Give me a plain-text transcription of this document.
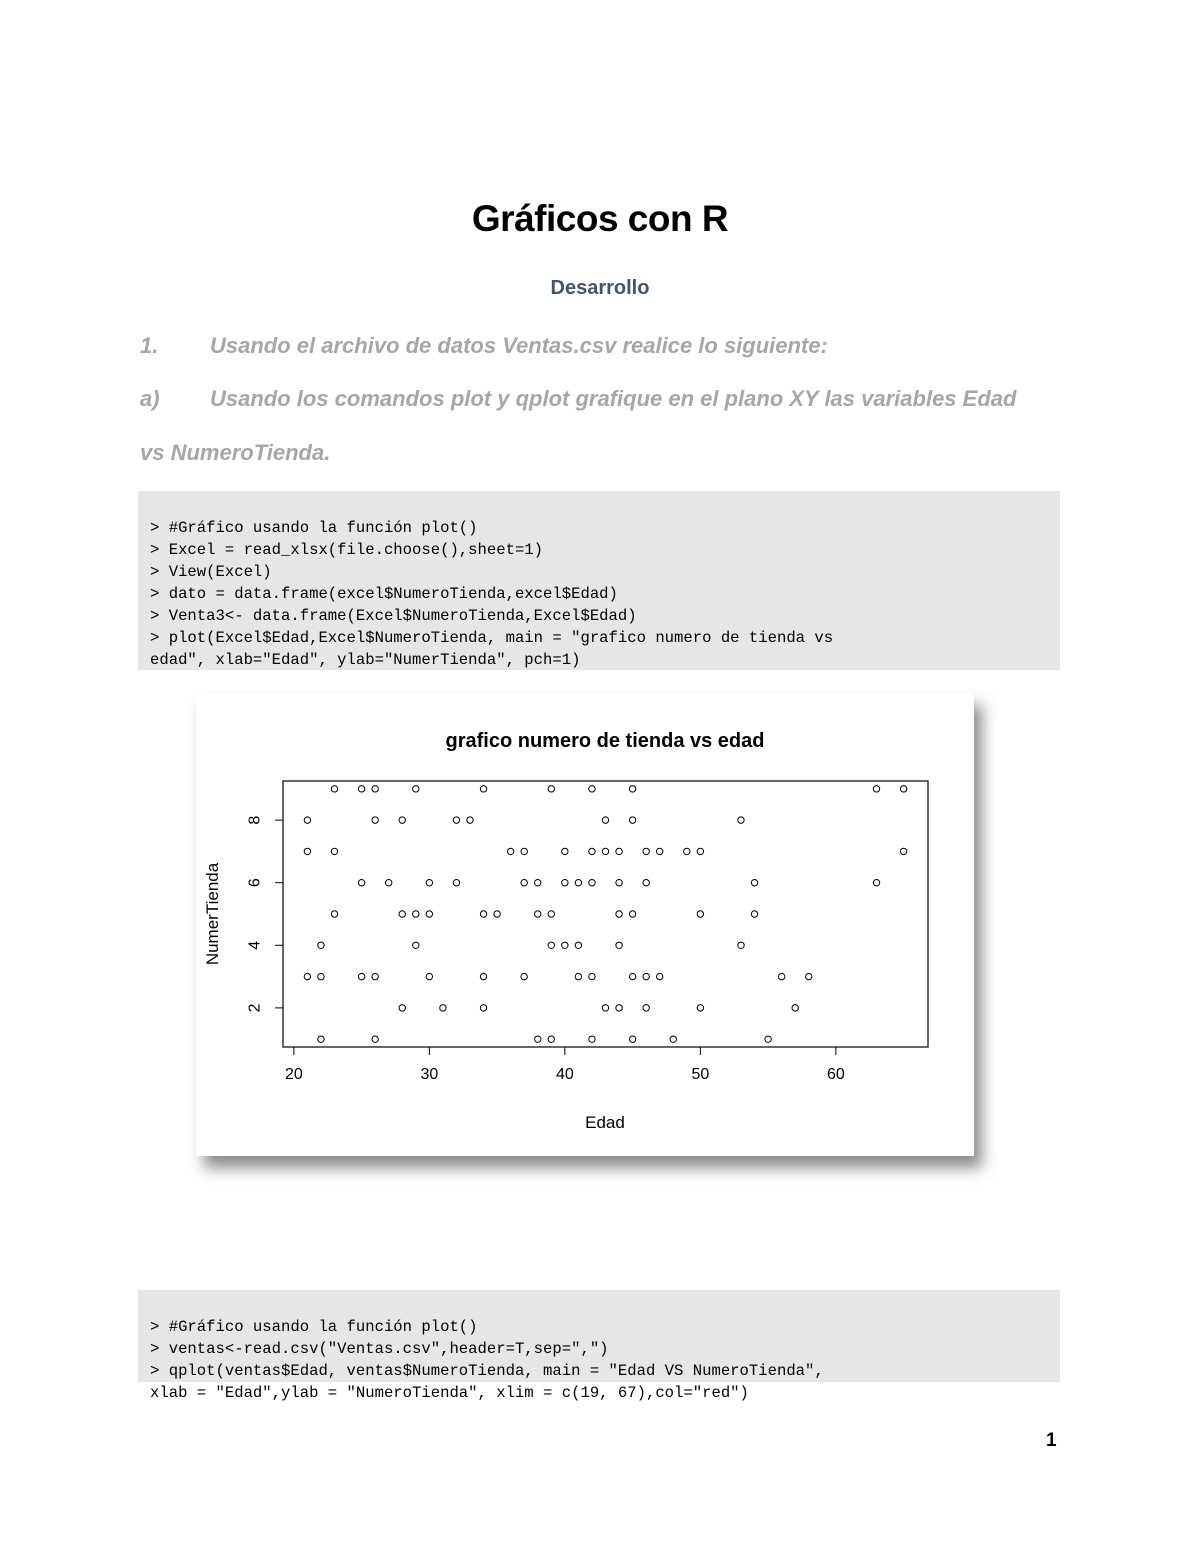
Gráficos con R
Desarrollo
1. Usando el archivo de datos Ventas.csv realice lo siguiente:
a) Usando los comandos plot y qplot grafique en el plano XY las variables Edad
vs NumeroTienda.

> #Gráfico usando la función plot()
> Excel = read_xlsx(file.choose(),sheet=1)
> View(Excel)
> dato = data.frame(excel$NumeroTienda,excel$Edad)
> Venta3<- data.frame(Excel$NumeroTienda,Excel$Edad)
> plot(Excel$Edad,Excel$NumeroTienda, main = "grafico numero de tienda vs
edad", xlab="Edad", ylab="NumerTienda", pch=1)

grafico numero de tienda vs edad
20	30	40	50	60
2
4
6
8
Edad
NumerTienda

> #Gráfico usando la función plot()
> ventas<-read.csv("Ventas.csv",header=T,sep=",")
> qplot(ventas$Edad, ventas$NumeroTienda, main = "Edad VS NumeroTienda",
xlab = "Edad",ylab = "NumeroTienda", xlim = c(19, 67),col="red")

1
